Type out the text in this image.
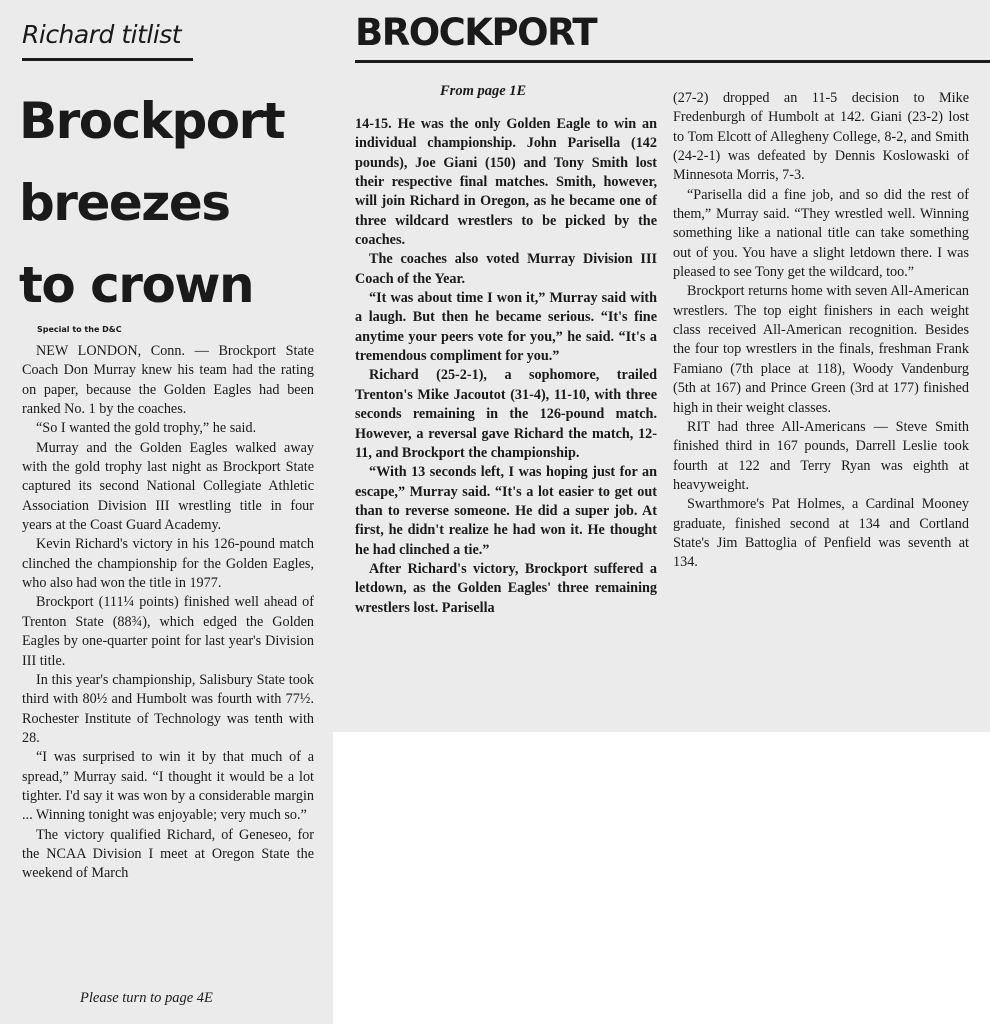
Richard titlist
Brockport
breezes
to crown
Special to the D&C

NEW LONDON, Conn. — Brockport State Coach Don Murray knew his team had the rating on paper, because the Golden Eagles had been ranked No. 1 by the coaches.

“So I wanted the gold trophy,” he said.

Murray and the Golden Eagles walked away with the gold trophy last night as Brockport State captured its second National Collegiate Athletic Association Division III wrestling title in four years at the Coast Guard Academy.

Kevin Richard's victory in his 126-pound match clinched the championship for the Golden Eagles, who also had won the title in 1977.

Brockport (111¼ points) finished well ahead of Trenton State (88¾), which edged the Golden Eagles by one-quarter point for last year's Division III title.

In this year's championship, Salisbury State took third with 80½ and Humbolt was fourth with 77½. Rochester Institute of Technology was tenth with 28.

“I was surprised to win it by that much of a spread,” Murray said. “I thought it would be a lot tighter. I'd say it was won by a considerable margin ... Winning tonight was enjoyable; very much so.”

The victory qualified Richard, of Geneseo, for the NCAA Division I meet at Oregon State the weekend of March

Please turn to page 4E
BROCKPORT
From page 1E

14-15. He was the only Golden Eagle to win an individual championship. John Parisella (142 pounds), Joe Giani (150) and Tony Smith lost their respective final matches. Smith, however, will join Richard in Oregon, as he became one of three wildcard wrestlers to be picked by the coaches.

The coaches also voted Murray Division III Coach of the Year.

“It was about time I won it,” Murray said with a laugh. But then he became serious. “It's fine anytime your peers vote for you,” he said. “It's a tremendous compliment for you.”

Richard (25-2-1), a sophomore, trailed Trenton's Mike Jacoutot (31-4), 11-10, with three seconds remaining in the 126-pound match. However, a reversal gave Richard the match, 12-11, and Brockport the championship.

“With 13 seconds left, I was hoping just for an escape,” Murray said. “It's a lot easier to get out than to reverse someone. He did a super job. At first, he didn't realize he had won it. He thought he had clinched a tie.”

After Richard's victory, Brockport suffered a letdown, as the Golden Eagles' three remaining wrestlers lost. Parisella

(27-2) dropped an 11-5 decision to Mike Fredenburgh of Humbolt at 142. Giani (23-2) lost to Tom Elcott of Allegheny College, 8-2, and Smith (24-2-1) was defeated by Dennis Koslowaski of Minnesota Morris, 7-3.

“Parisella did a fine job, and so did the rest of them,” Murray said. “They wrestled well. Winning something like a national title can take something out of you. You have a slight letdown there. I was pleased to see Tony get the wildcard, too.”

Brockport returns home with seven All-American wrestlers. The top eight finishers in each weight class received All-American recognition. Besides the four top wrestlers in the finals, freshman Frank Famiano (7th place at 118), Woody Vandenburg (5th at 167) and Prince Green (3rd at 177) finished high in their weight classes.

RIT had three All-Americans — Steve Smith finished third in 167 pounds, Darrell Leslie took fourth at 122 and Terry Ryan was eighth at heavyweight.

Swarthmore's Pat Holmes, a Cardinal Mooney graduate, finished second at 134 and Cortland State's Jim Battoglia of Penfield was seventh at 134.
